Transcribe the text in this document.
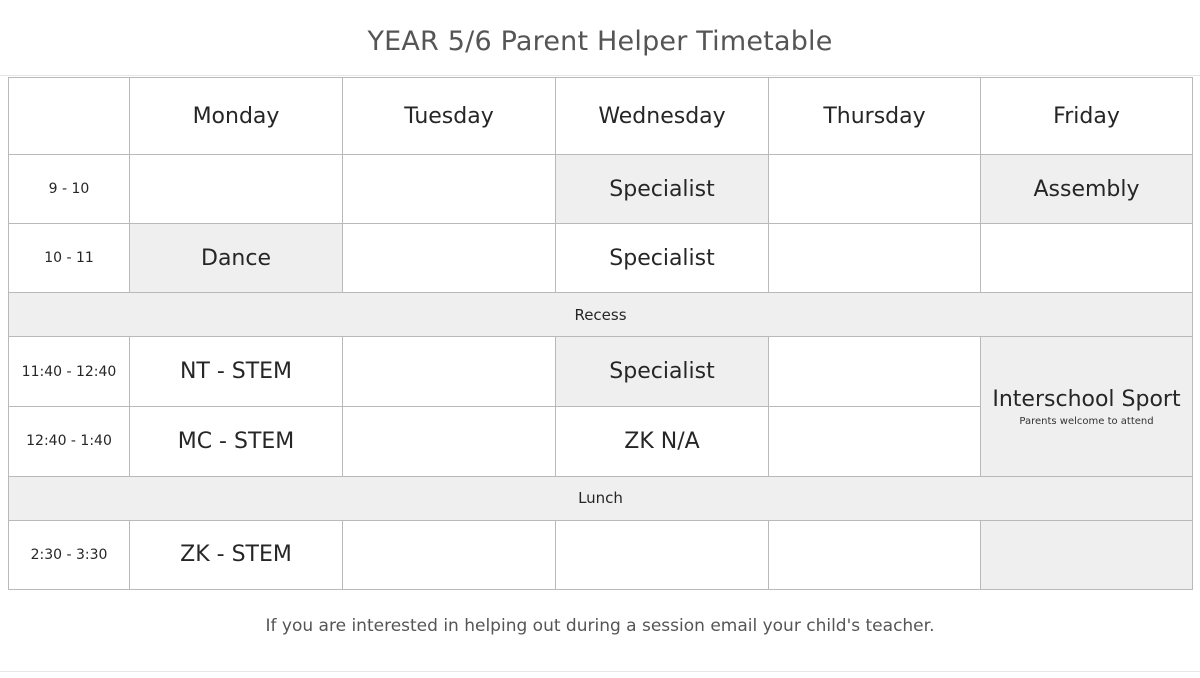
YEAR 5/6 Parent Helper Timetable
	Monday	Tuesday	Wednesday	Thursday	Friday
9 - 10			Specialist		Assembly
10 - 11	Dance		Specialist		
Recess					
11:40 - 12:40	NT - STEM		Specialist		Interschool Sport
Parents welcome to attend

12:40 - 1:40	MC - STEM		ZK N/A		
Lunch					
2:30 - 3:30	ZK - STEM				
If you are interested in helping out during a session email your child's teacher.
